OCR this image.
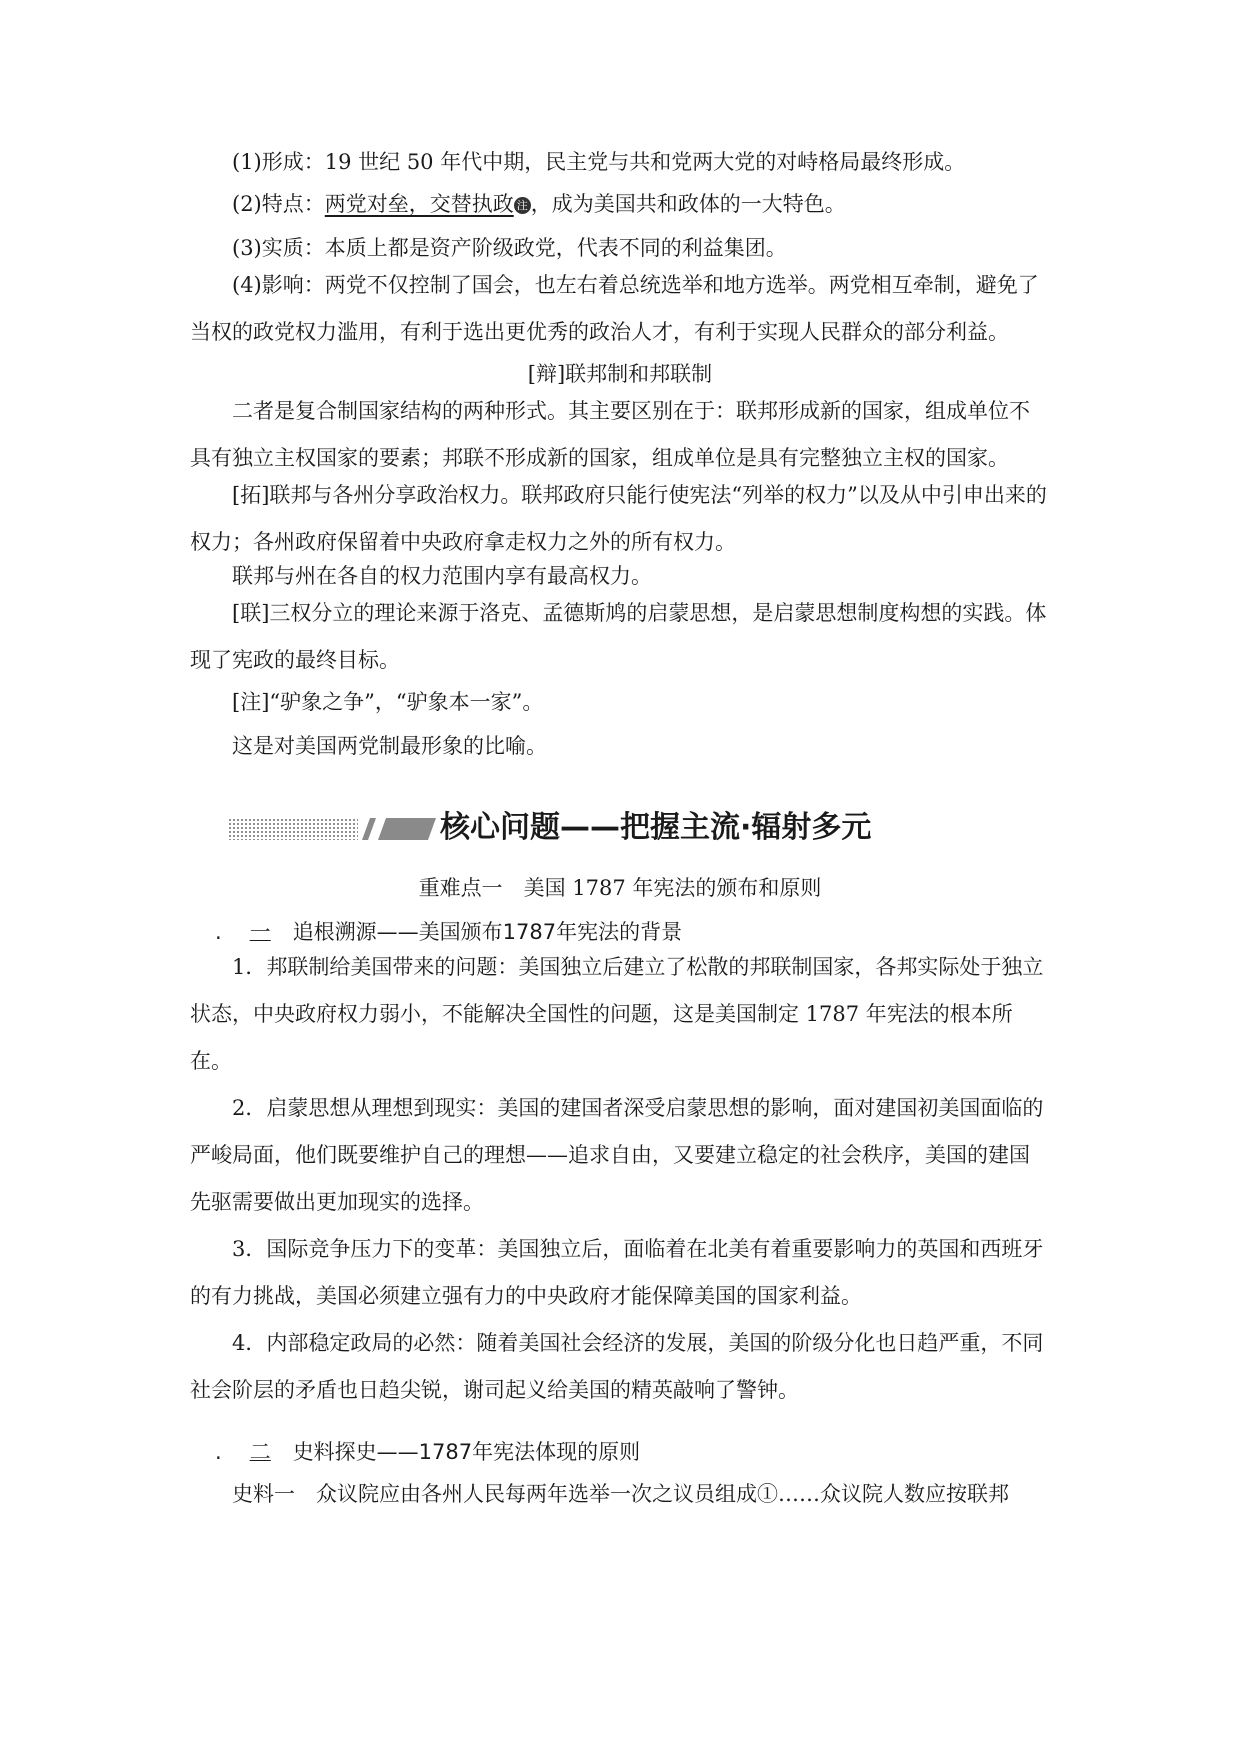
(1)形成：19 世纪 50 年代中期，民主党与共和党两大党的对峙格局最终形成。
(2)特点：两党对垒，交替执政 注 ，成为美国共和政体的一大特色。
(3)实质：本质上都是资产阶级政党，代表不同的利益集团。
(4)影响：两党不仅控制了国会，也左右着总统选举和地方选举。两党相互牵制，避免了当权的政党权力滥用，有利于选出更优秀的政治人才，有利于实现人民群众的部分利益。
[辩]联邦制和邦联制
二者是复合制国家结构的两种形式。其主要区别在于：联邦形成新的国家，组成单位不具有独立主权国家的要素；邦联不形成新的国家，组成单位是具有完整独立主权的国家。
[拓]联邦与各州分享政治权力。联邦政府只能行使宪法“列举的权力”以及从中引申出来的权力；各州政府保留着中央政府拿走权力之外的所有权力。
联邦与州在各自的权力范围内享有最高权力。
[联]三权分立的理论来源于洛克、孟德斯鸠的启蒙思想，是启蒙思想制度构想的实践。体现了宪政的最终目标。
[注]“驴象之争”，“驴象本一家”。
这是对美国两党制最形象的比喻。
核心问题——把握主流·辐射多元
重难点一　美国 1787 年宪法的颁布和原则
. 一 追根溯源——美国颁布1787年宪法的背景
1．邦联制给美国带来的问题：美国独立后建立了松散的邦联制国家，各邦实际处于独立状态，中央政府权力弱小，不能解决全国性的问题，这是美国制定 1787 年宪法的根本所在。
2．启蒙思想从理想到现实：美国的建国者深受启蒙思想的影响，面对建国初美国面临的严峻局面，他们既要维护自己的理想——追求自由，又要建立稳定的社会秩序，美国的建国先驱需要做出更加现实的选择。
3．国际竞争压力下的变革：美国独立后，面临着在北美有着重要影响力的英国和西班牙的有力挑战，美国必须建立强有力的中央政府才能保障美国的国家利益。
4．内部稳定政局的必然：随着美国社会经济的发展，美国的阶级分化也日趋严重，不同社会阶层的矛盾也日趋尖锐，谢司起义给美国的精英敲响了警钟。
. 二 史料探史——1787年宪法体现的原则
史料一　众议院应由各州人民每两年选举一次之议员组成①……众议院人数应按联邦
